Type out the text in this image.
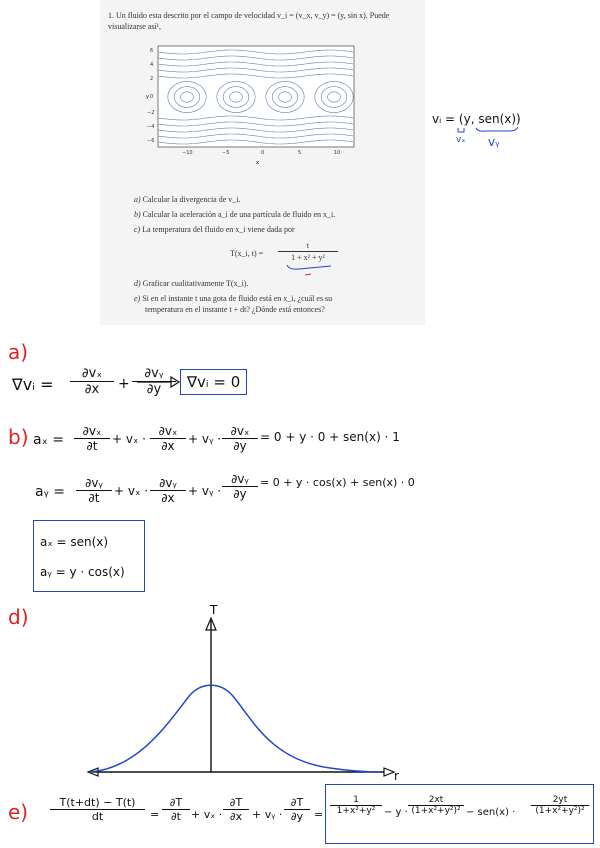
1. Un fluido esta descrito por el campo de velocidad v_i = (v_x, v_y) = (y, sin x). Puede visualizarse así¹,
y
x
6
4
2
0
−2
−4
−6
−10	−5	0	5	10
a) Calcular la divergencia de v_i.
b) Calcular la aceleración a_i de una partícula de fluido en x_i.
c) La temperatura del fluido en x_i viene dada por
T(x_i, $t) = \frac{t}{\text{1 + x² + y²}}$
d) Graficar cualitativamente T(x_i).
e) Si en el instante t una gota de fluido está en x_i, ¿cuál es su
temperatura en el instante t + dt? ¿Dónde está entonces?
vᵢ = (y, sen(x))
vₓ vᵧ
a)
∇vᵢ =
∂vₓ
∂x	+
∂vᵧ
∂y	∇vᵢ = 0
b) aₓ =
∂vₓ
∂t	+ vₓ ·
∂vₓ
∂x	+ vᵧ ·
∂vₓ
∂y
= 0 + y · 0 + sen(x) · 1
aᵧ =
∂vᵧ
∂t	+ vₓ ·
∂vᵧ
∂x	+ vᵧ ·
∂vᵧ
∂y
= 0 + y · cos(x) + sen(x) · 0
aₓ = sen(x)
aᵧ = y · cos(x)
d)	T
r
e)	T(t+dt) − T(t)
dt	=
∂T
∂t + vₓ ·
∂T
∂x + vᵧ ·
∂T
∂y =
1
1+x²+y² − y ·
2xt
(1+x²+y²)² − sen(x) ·
2yt
(1+x²+y²)²
